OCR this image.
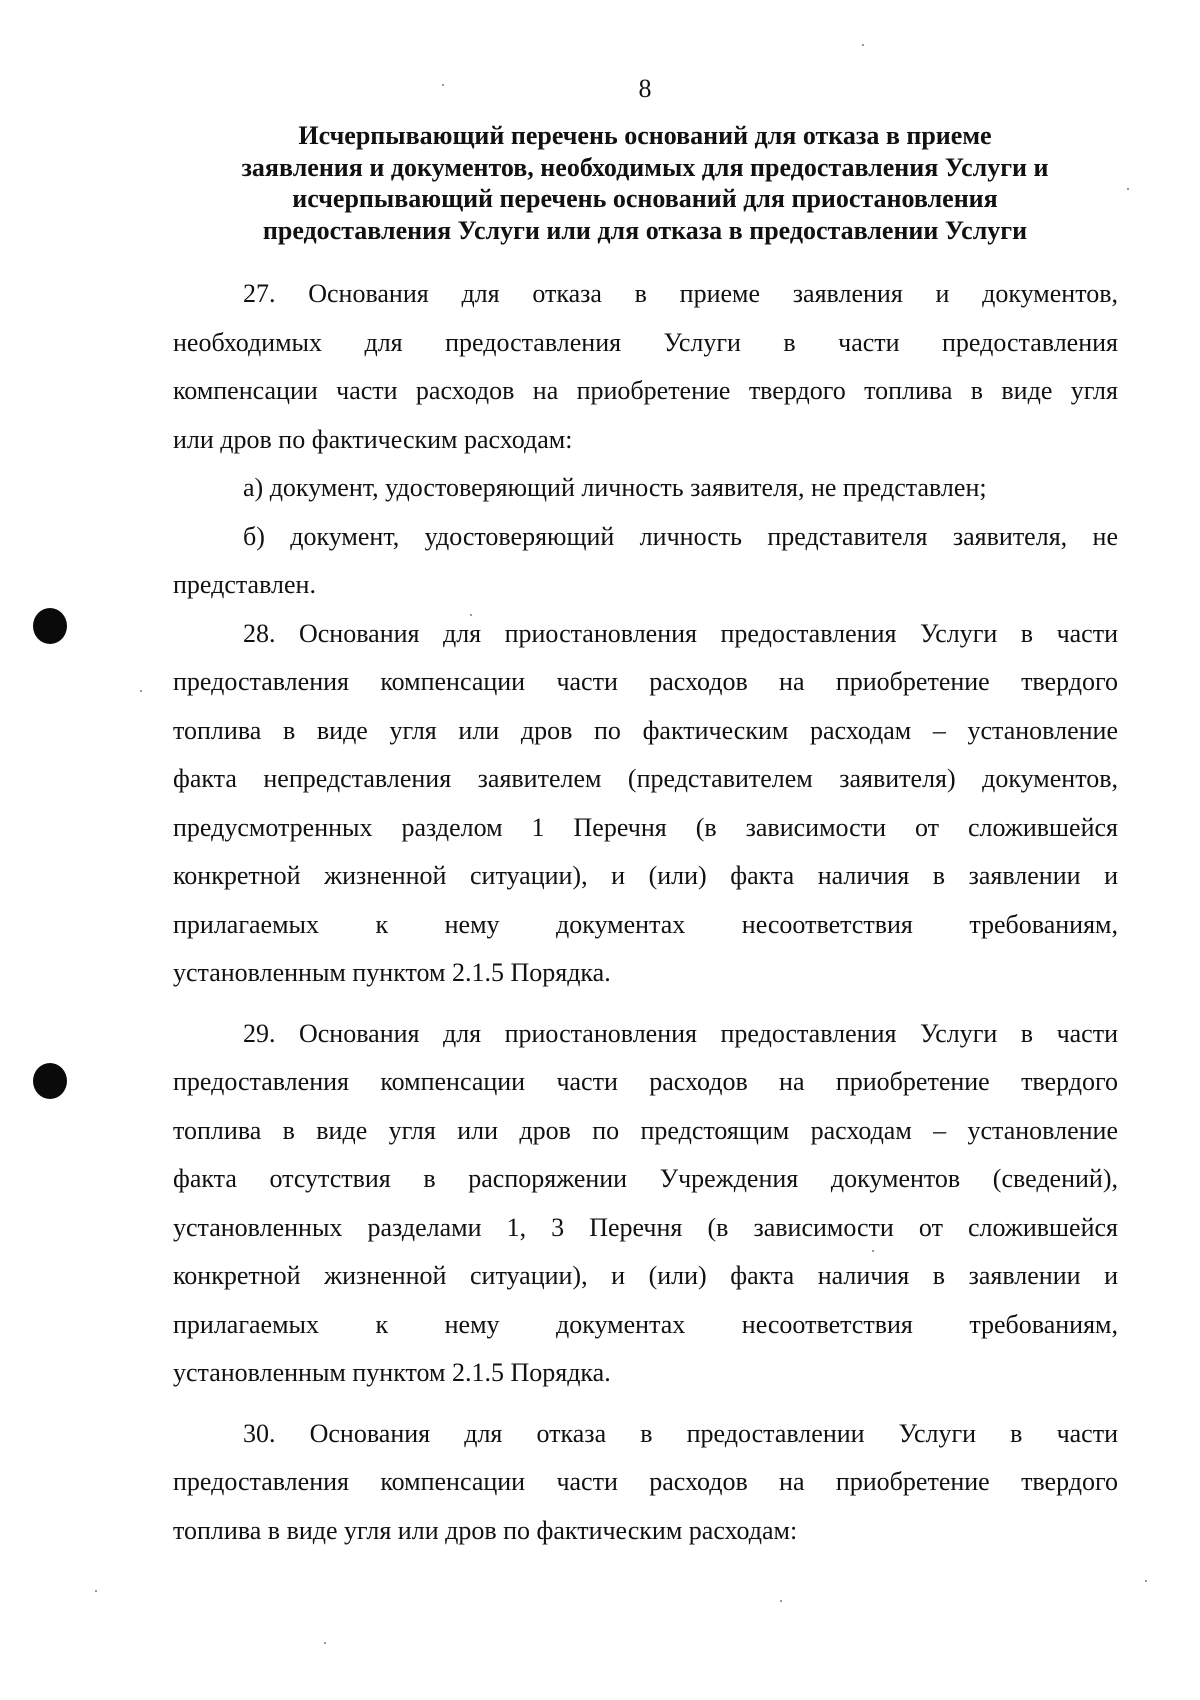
8
Исчерпывающий перечень оснований для отказа в приеме
заявления и документов, необходимых для предоставления Услуги и
исчерпывающий перечень оснований для приостановления
предоставления Услуги или для отказа в предоставлении Услуги
27. Основания для отказа в приеме заявления и документов,
необходимых для предоставления Услуги в части предоставления
компенсации части расходов на приобретение твердого топлива в виде угля
или дров по фактическим расходам:
а) документ, удостоверяющий личность заявителя, не представлен;
б) документ, удостоверяющий личность представителя заявителя, не
представлен.
28. Основания для приостановления предоставления Услуги в части
предоставления компенсации части расходов на приобретение твердого
топлива в виде угля или дров по фактическим расходам – установление
факта непредставления заявителем (представителем заявителя) документов,
предусмотренных разделом 1 Перечня (в зависимости от сложившейся
конкретной жизненной ситуации), и (или) факта наличия в заявлении и
прилагаемых к нему документах несоответствия требованиям,
установленным пунктом 2.1.5 Порядка.
29. Основания для приостановления предоставления Услуги в части
предоставления компенсации части расходов на приобретение твердого
топлива в виде угля или дров по предстоящим расходам – установление
факта отсутствия в распоряжении Учреждения документов (сведений),
установленных разделами 1, 3 Перечня (в зависимости от сложившейся
конкретной жизненной ситуации), и (или) факта наличия в заявлении и
прилагаемых к нему документах несоответствия требованиям,
установленным пунктом 2.1.5 Порядка.
30. Основания для отказа в предоставлении Услуги в части
предоставления компенсации части расходов на приобретение твердого
топлива в виде угля или дров по фактическим расходам:
